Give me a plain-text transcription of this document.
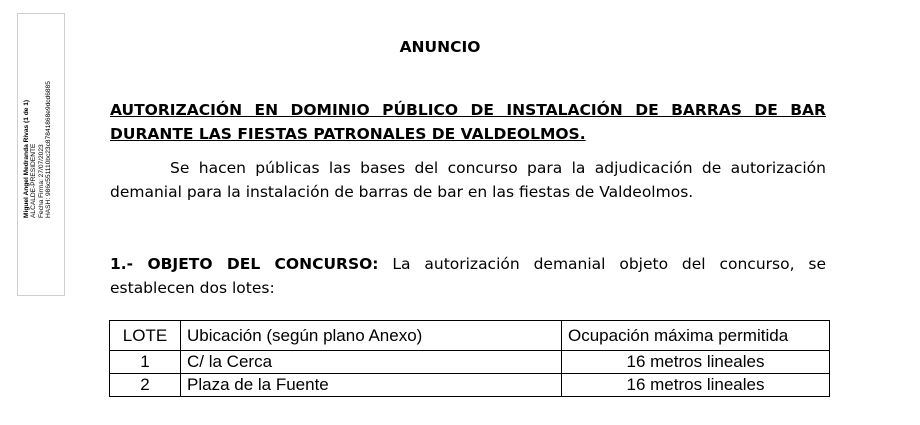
Miguel Angel Medranda Rivas (1 de 1) ALCALDE-PRESIDENTE Fecha Firma: 27/07/2023 HASH: 986c551110bc23c87841868e9dcd6885
ANUNCIO
AUTORIZACIÓN EN DOMINIO PÚBLICO DE INSTALACIÓN DE BARRAS DE BAR
DURANTE LAS FIESTAS PATRONALES DE VALDEOLMOS.
Se hacen públicas las bases del concurso para la adjudicación de autorización
demanial para la instalación de barras de bar en las fiestas de Valdeolmos.
1.- OBJETO DEL CONCURSO: La autorización demanial objeto del concurso, se
establecen dos lotes:
LOTE	Ubicación (según plano Anexo)	Ocupación máxima permitida
1	C/ la Cerca	16 metros lineales
2	Plaza de la Fuente	16 metros lineales
